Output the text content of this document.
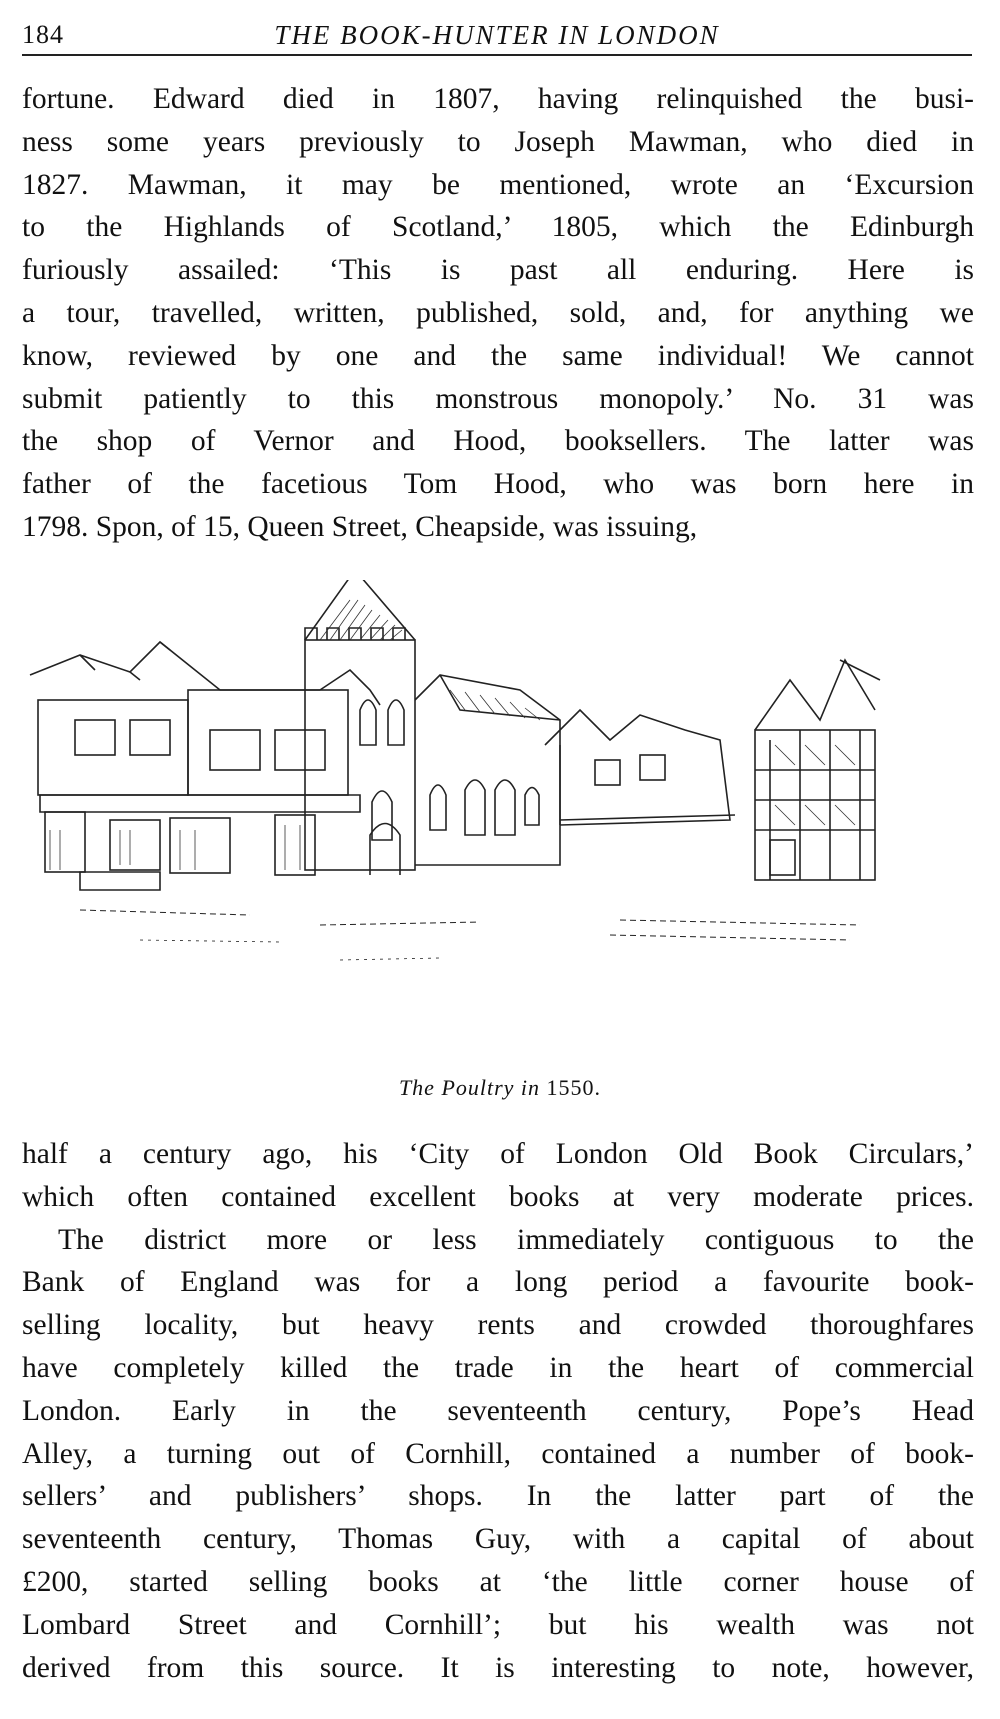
184	THE BOOK-HUNTER IN LONDON
fortune. Edward died in 1807, having relinquished the busi-
ness some years previously to Joseph Mawman, who died in
1827. Mawman, it may be mentioned, wrote an ‘Excursion
to the Highlands of Scotland,’ 1805, which the Edinburgh
furiously assailed: ‘This is past all enduring. Here is
a tour, travelled, written, published, sold, and, for anything we
know, reviewed by one and the same individual! We cannot
submit patiently to this monstrous monopoly.’ No. 31 was
the shop of Vernor and Hood, booksellers. The latter was
father of the facetious Tom Hood, who was born here in
1798. Spon, of 15, Queen Street, Cheapside, was issuing,
The Poultry in 1550.
half a century ago, his ‘City of London Old Book Circulars,’
which often contained excellent books at very moderate prices.
The district more or less immediately contiguous to the
Bank of England was for a long period a favourite book-
selling locality, but heavy rents and crowded thoroughfares
have completely killed the trade in the heart of commercial
London. Early in the seventeenth century, Pope’s Head
Alley, a turning out of Cornhill, contained a number of book-
sellers’ and publishers’ shops. In the latter part of the
seventeenth century, Thomas Guy, with a capital of about
£200, started selling books at ‘the little corner house of
Lombard Street and Cornhill’; but his wealth was not
derived from this source. It is interesting to note, however,
